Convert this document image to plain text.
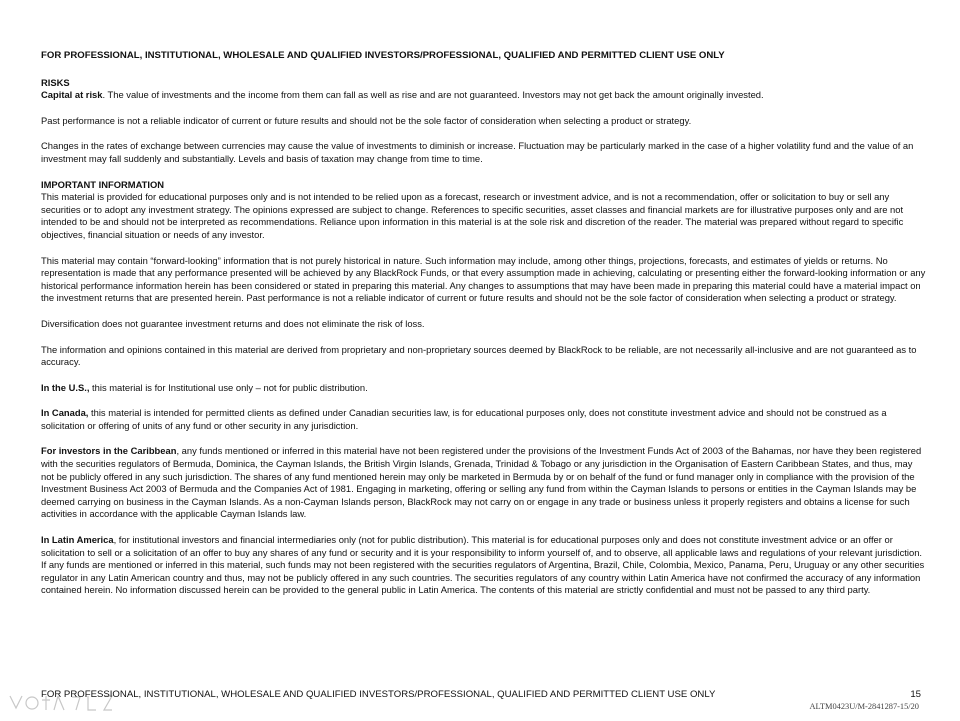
FOR PROFESSIONAL, INSTITUTIONAL, WHOLESALE AND QUALIFIED INVESTORS/PROFESSIONAL, QUALIFIED AND PERMITTED CLIENT USE ONLY

RISKS

Capital at risk. The value of investments and the income from them can fall as well as rise and are not guaranteed. Investors may not get back the amount originally invested.

Past performance is not a reliable indicator of current or future results and should not be the sole factor of consideration when selecting a product or strategy.

Changes in the rates of exchange between currencies may cause the value of investments to diminish or increase. Fluctuation may be particularly marked in the case of a higher volatility fund and the value of an investment may fall suddenly and substantially. Levels and basis of taxation may change from time to time.

IMPORTANT INFORMATION

This material is provided for educational purposes only and is not intended to be relied upon as a forecast, research or investment advice, and is not a recommendation, offer or solicitation to buy or sell any securities or to adopt any investment strategy. The opinions expressed are subject to change. References to specific securities, asset classes and financial markets are for illustrative purposes only and are not intended to be and should not be interpreted as recommendations. Reliance upon information in this material is at the sole risk and discretion of the reader. The material was prepared without regard to specific objectives, financial situation or needs of any investor.

This material may contain “forward-looking” information that is not purely historical in nature. Such information may include, among other things, projections, forecasts, and estimates of yields or returns. No representation is made that any performance presented will be achieved by any BlackRock Funds, or that every assumption made in achieving, calculating or presenting either the forward-looking information or any historical performance information herein has been considered or stated in preparing this material. Any changes to assumptions that may have been made in preparing this material could have a material impact on the investment returns that are presented herein. Past performance is not a reliable indicator of current or future results and should not be the sole factor of consideration when selecting a product or strategy.

Diversification does not guarantee investment returns and does not eliminate the risk of loss.

The information and opinions contained in this material are derived from proprietary and non-proprietary sources deemed by BlackRock to be reliable, are not necessarily all-inclusive and are not guaranteed as to accuracy.

In the U.S., this material is for Institutional use only – not for public distribution.

In Canada, this material is intended for permitted clients as defined under Canadian securities law, is for educational purposes only, does not constitute investment advice and should not be construed as a solicitation or offering of units of any fund or other security in any jurisdiction.

For investors in the Caribbean, any funds mentioned or inferred in this material have not been registered under the provisions of the Investment Funds Act of 2003 of the Bahamas, nor have they been registered with the securities regulators of Bermuda, Dominica, the Cayman Islands, the British Virgin Islands, Grenada, Trinidad & Tobago or any jurisdiction in the Organisation of Eastern Caribbean States, and thus, may not be publicly offered in any such jurisdiction. The shares of any fund mentioned herein may only be marketed in Bermuda by or on behalf of the fund or fund manager only in compliance with the provision of the Investment Business Act 2003 of Bermuda and the Companies Act of 1981. Engaging in marketing, offering or selling any fund from within the Cayman Islands to persons or entities in the Cayman Islands may be deemed carrying on business in the Cayman Islands. As a non-Cayman Islands person, BlackRock may not carry on or engage in any trade or business unless it properly registers and obtains a license for such activities in accordance with the applicable Cayman Islands law.

In Latin America, for institutional investors and financial intermediaries only (not for public distribution). This material is for educational purposes only and does not constitute investment advice or an offer or solicitation to sell or a solicitation of an offer to buy any shares of any fund or security and it is your responsibility to inform yourself of, and to observe, all applicable laws and regulations of your relevant jurisdiction. If any funds are mentioned or inferred in this material, such funds may not been registered with the securities regulators of Argentina, Brazil, Chile, Colombia, Mexico, Panama, Peru, Uruguay or any other securities regulator in any Latin American country and thus, may not be publicly offered in any such countries. The securities regulators of any country within Latin America have not confirmed the accuracy of any information contained herein. No information discussed herein can be provided to the general public in Latin America. The contents of this material are strictly confidential and must not be passed to any third party.

FOR PROFESSIONAL, INSTITUTIONAL, WHOLESALE AND QUALIFIED INVESTORS/PROFESSIONAL, QUALIFIED AND PERMITTED CLIENT USE ONLY	15
ALTM0423U/M-2841287-15/20
